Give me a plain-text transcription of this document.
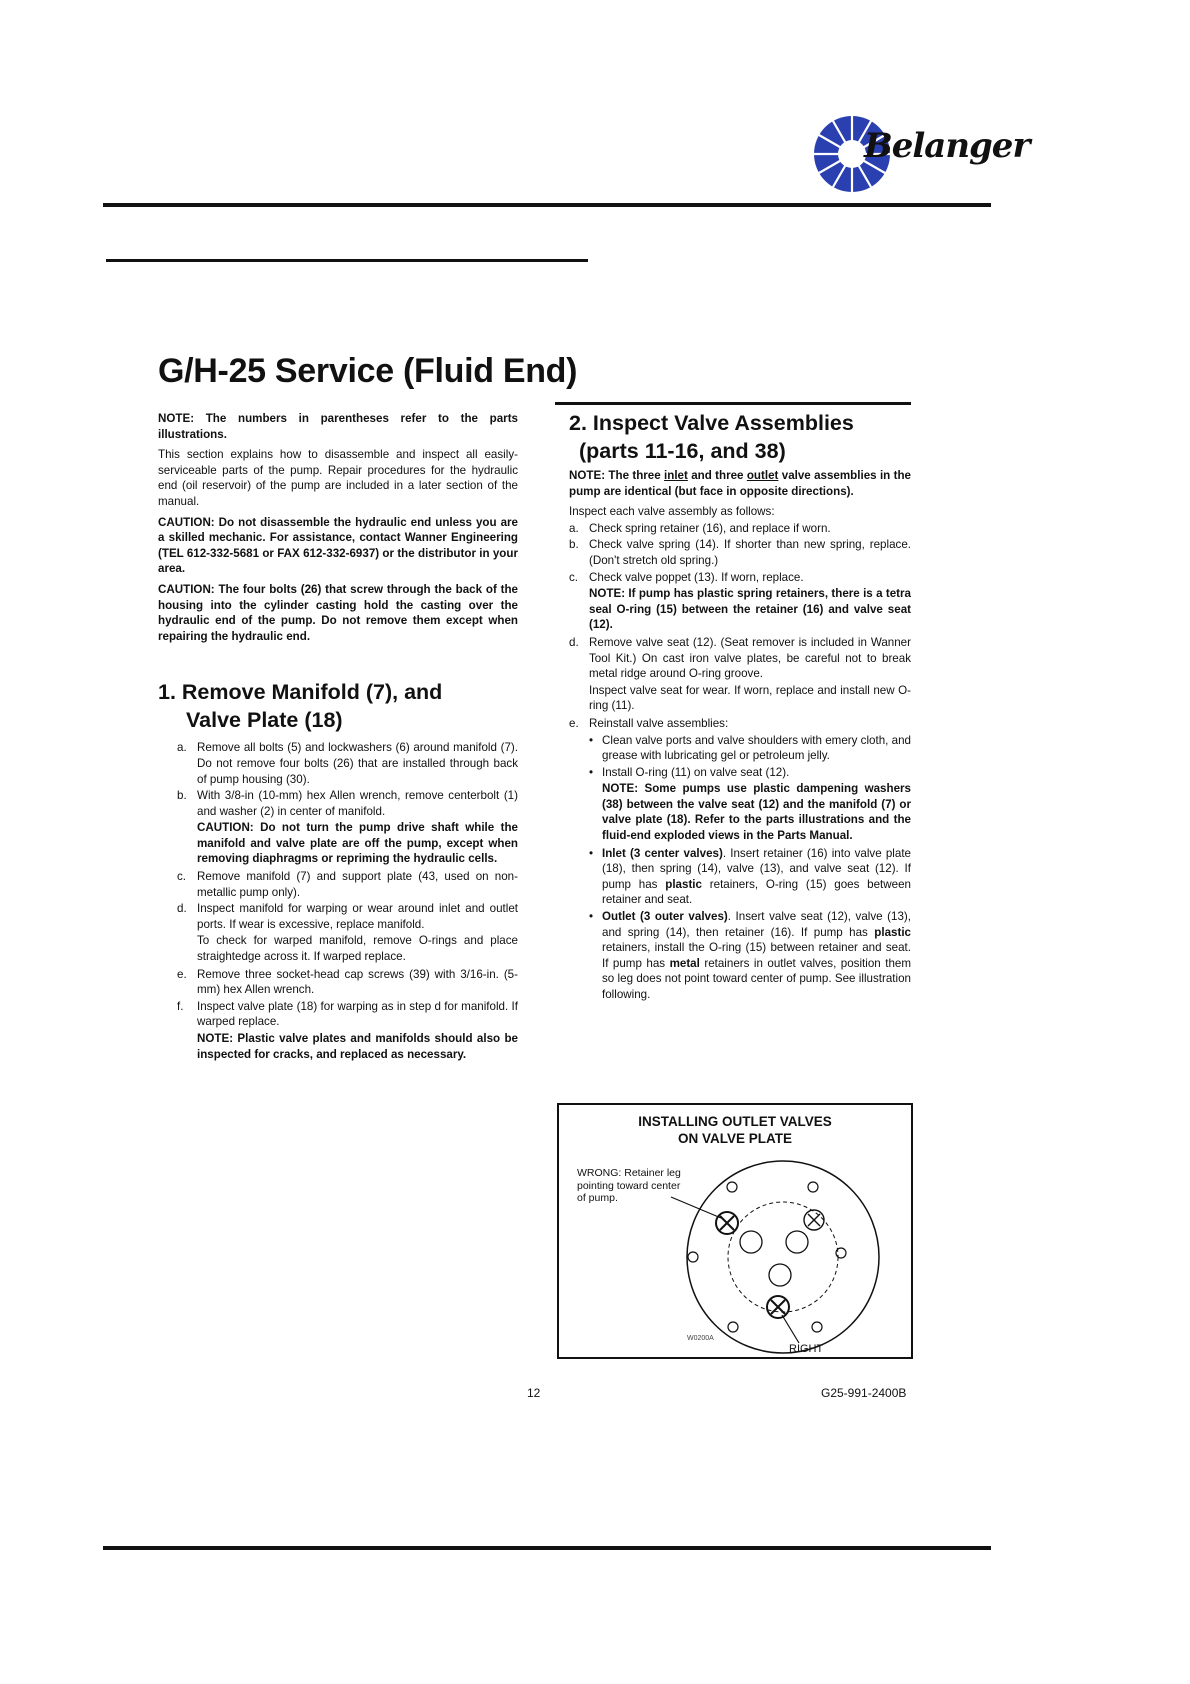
Belanger
G/H-25 Service (Fluid End)

NOTE: The numbers in parentheses refer to the parts illustrations.

This section explains how to disassemble and inspect all easily-serviceable parts of the pump. Repair procedures for the hydraulic end (oil reservoir) of the pump are included in a later section of the manual.

CAUTION: Do not disassemble the hydraulic end unless you are a skilled mechanic. For assistance, contact Wanner Engineering (TEL 612-332-5681 or FAX 612-332-6937) or the distributor in your area.

CAUTION: The four bolts (26) that screw through the back of the housing into the cylinder casting hold the casting over the hydraulic end of the pump. Do not remove them except when repairing the hydraulic end.

1. Remove Manifold (7), and
Valve Plate (18)
a. Remove all bolts (5) and lockwashers (6) around manifold (7). Do not remove four bolts (26) that are installed through back of pump housing (30).
b. With 3/8-in (10-mm) hex Allen wrench, remove centerbolt (1) and washer (2) in center of manifold.
CAUTION: Do not turn the pump drive shaft while the manifold and valve plate are off the pump, except when removing diaphragms or repriming the hydraulic cells.
c. Remove manifold (7) and support plate (43, used on non-metallic pump only).
d. Inspect manifold for warping or wear around inlet and outlet ports. If wear is excessive, replace manifold.
To check for warped manifold, remove O-rings and place straightedge across it. If warped replace.
e. Remove three socket-head cap screws (39) with 3/16-in. (5-mm) hex Allen wrench.
f. Inspect valve plate (18) for warping as in step d for manifold. If warped replace.
NOTE: Plastic valve plates and manifolds should also be inspected for cracks, and replaced as necessary.
2. Inspect Valve Assemblies
(parts 11-16, and 38)

NOTE: The three inlet and three outlet valve assemblies in the pump are identical (but face in opposite directions).

Inspect each valve assembly as follows:

a. Check spring retainer (16), and replace if worn.
b. Check valve spring (14). If shorter than new spring, replace. (Don't stretch old spring.)
c. Check valve poppet (13). If worn, replace.
NOTE: If pump has plastic spring retainers, there is a tetra seal O-ring (15) between the retainer (16) and valve seat (12).
d. Remove valve seat (12). (Seat remover is included in Wanner Tool Kit.) On cast iron valve plates, be careful not to break metal ridge around O-ring groove.
Inspect valve seat for wear. If worn, replace and install new O-ring (11).
e. Reinstall valve assemblies:
• Clean valve ports and valve shoulders with emery cloth, and grease with lubricating gel or petroleum jelly.
• Install O-ring (11) on valve seat (12).
NOTE: Some pumps use plastic dampening washers (38) between the valve seat (12) and the manifold (7) or valve plate (18). Refer to the parts illustrations and the fluid-end exploded views in the Parts Manual.
• Inlet (3 center valves). Insert retainer (16) into valve plate (18), then spring (14), valve (13), and valve seat (12). If pump has plastic retainers, O-ring (15) goes between retainer and seat.
• Outlet (3 outer valves). Insert valve seat (12), valve (13), and spring (14), then retainer (16). If pump has plastic retainers, install the O-ring (15) between retainer and seat. If pump has metal retainers in outlet valves, position them so leg does not point toward center of pump. See illustration following.
INSTALLING OUTLET VALVES
ON VALVE PLATE
WRONG: Retainer leg pointing toward center of pump.
W0200A
RIGHT
12	G25-991-2400B
